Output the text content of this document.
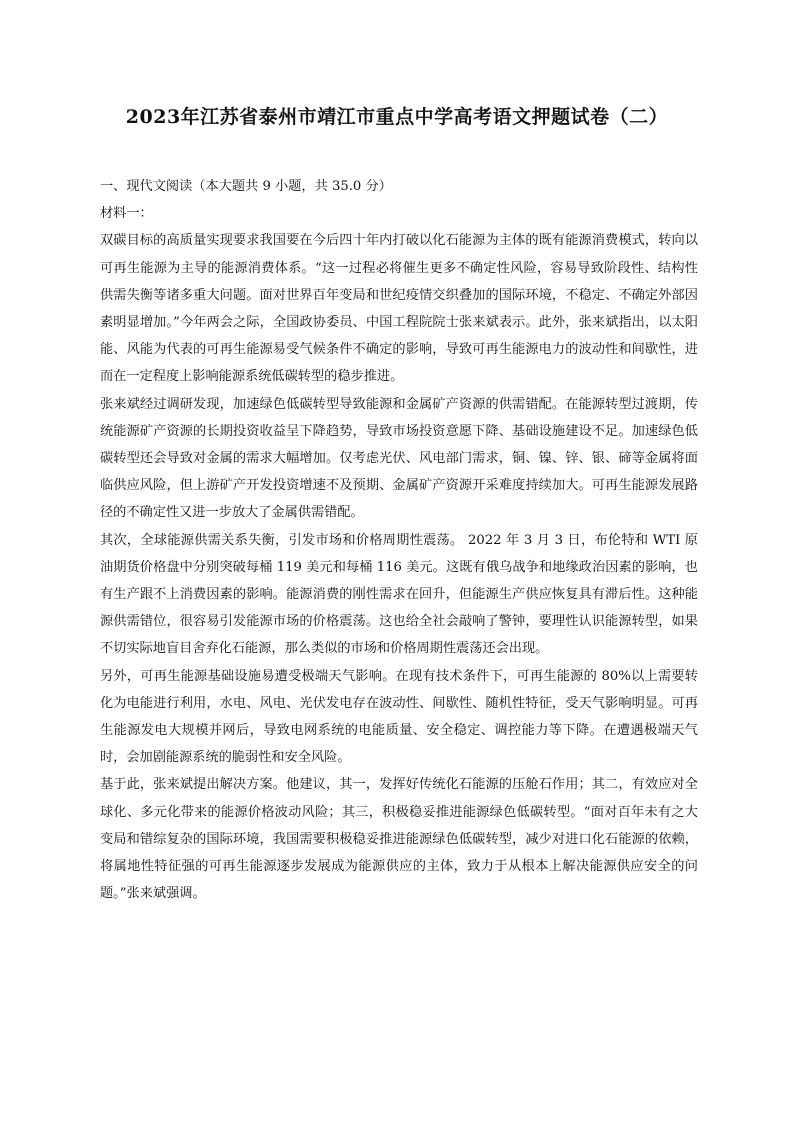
2023年江苏省泰州市靖江市重点中学高考语文押题试卷（二）

一、现代文阅读（本大题共 9 小题，共 35.0 分）

材料一：

双碳目标的高质量实现要求我国要在今后四十年内打破以化石能源为主体的既有能源消费模式，转向以可再生能源为主导的能源消费体系。“这一过程必将催生更多不确定性风险，容易导致阶段性、结构性供需失衡等诸多重大问题。面对世界百年变局和世纪疫情交织叠加的国际环境，不稳定、不确定外部因素明显增加。”今年两会之际，全国政协委员、中国工程院院士张来斌表示。此外，张来斌指出，以太阳能、风能为代表的可再生能源易受气候条件不确定的影响，导致可再生能源电力的波动性和间歇性，进而在一定程度上影响能源系统低碳转型的稳步推进。

张来斌经过调研发现，加速绿色低碳转型导致能源和金属矿产资源的供需错配。在能源转型过渡期，传统能源矿产资源的长期投资收益呈下降趋势，导致市场投资意愿下降、基础设施建设不足。加速绿色低碳转型还会导致对金属的需求大幅增加。仅考虑光伏、风电部门需求，铜、镍、锌、银、碲等金属将面临供应风险，但上游矿产开发投资增速不及预期、金属矿产资源开采难度持续加大。可再生能源发展路径的不确定性又进一步放大了金属供需错配。

其次，全球能源供需关系失衡，引发市场和价格周期性震荡。 2022 年 3 月 3 日，布伦特和 WTI 原油期货价格盘中分别突破每桶 119 美元和每桶 116 美元。这既有俄乌战争和地缘政治因素的影响，也有生产跟不上消费因素的影响。能源消费的刚性需求在回升，但能源生产供应恢复具有滞后性。这种能源供需错位，很容易引发能源市场的价格震荡。这也给全社会敲响了警钟，要理性认识能源转型，如果不切实际地盲目舍弃化石能源，那么类似的市场和价格周期性震荡还会出现。

另外，可再生能源基础设施易遭受极端天气影响。在现有技术条件下，可再生能源的 80%以上需要转化为电能进行利用，水电、风电、光伏发电存在波动性、间歇性、随机性特征，受天气影响明显。可再生能源发电大规模并网后，导致电网系统的电能质量、安全稳定、调控能力等下降。在遭遇极端天气时，会加剧能源系统的脆弱性和安全风险。

基于此，张来斌提出解决方案。他建议，其一，发挥好传统化石能源的压舱石作用；其二，有效应对全球化、多元化带来的能源价格波动风险；其三，积极稳妥推进能源绿色低碳转型。“面对百年未有之大变局和错综复杂的国际环境，我国需要积极稳妥推进能源绿色低碳转型，减少对进口化石能源的依赖，将属地性特征强的可再生能源逐步发展成为能源供应的主体，致力于从根本上解决能源供应安全的问题。”张来斌强调。
